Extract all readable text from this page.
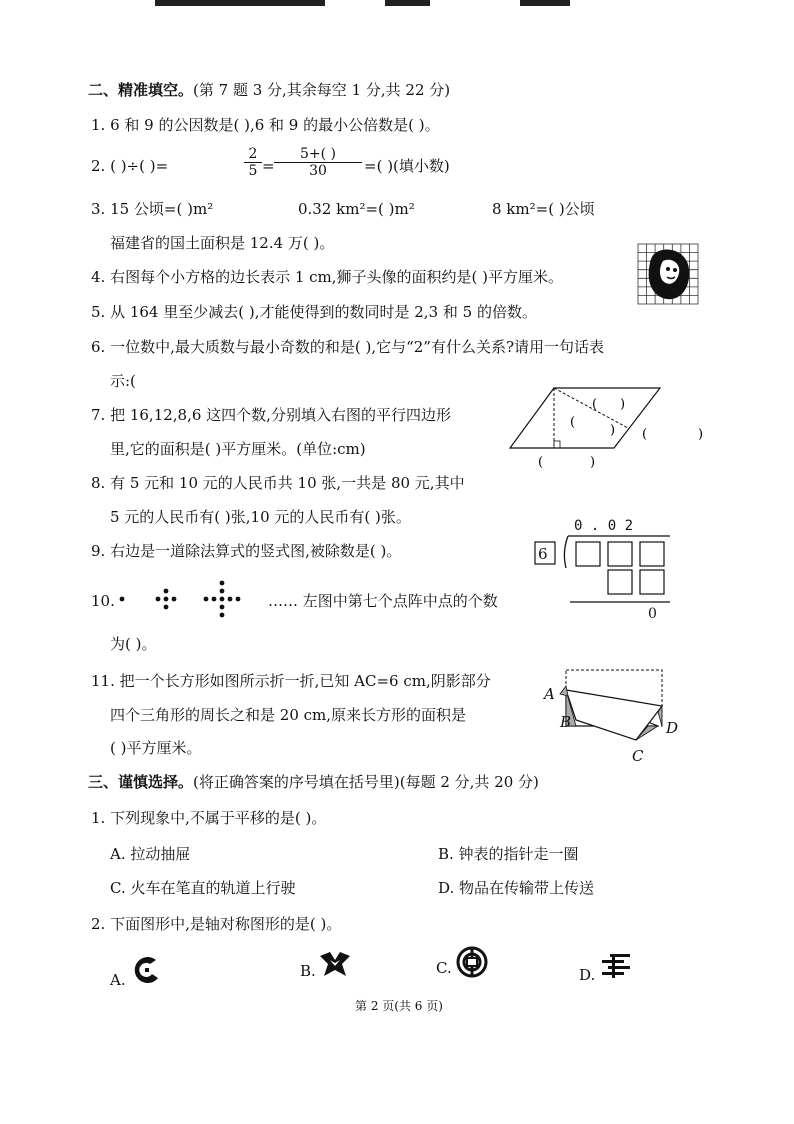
二、精准填空。(第 7 题 3 分,其余每空 1 分,共 22 分)
1. 6 和 9 的公因数是( ),6 和 9 的最小公倍数是( )。
2. ( )÷( )=	$\frac{2}{5} = \frac{5+( )}{30}$ =( )(填小数)
3. 15 公顷=( )m²	0.32 km²=( )m²	8 km²=( )公顷
福建省的国土面积是 12.4 万( )。
4. 右图每个小方格的边长表示 1 cm,狮子头像的面积约是( )平方厘米。
5. 从 164 里至少减去( ),才能使得到的数同时是 2,3 和 5 的倍数。
6. 一位数中,最大质数与最小奇数的和是( ),它与“2”有什么关系?请用一句话表
示:(
7. 把 16,12,8,6 这四个数,分别填入右图的平行四边形
里,它的面积是( )平方厘米。(单位:cm)
(
( )
) (	)
(	)
8. 有 5 元和 10 元的人民币共 10 张,一共是 80 元,其中
5 元的人民币有( )张,10 元的人民币有( )张。
9. 右边是一道除法算式的竖式图,被除数是( )。
0 . 0 2
6
0
10.	…… 左图中第七个点阵中点的个数
为( )。
11. 把一个长方形如图所示折一折,已知 AC=6 cm,阴影部分
四个三角形的周长之和是 20 cm,原来长方形的面积是
( )平方厘米。
A
B
C
D
三、谨慎选择。(将正确答案的序号填在括号里)(每题 2 分,共 20 分)
1. 下列现象中,不属于平移的是( )。
A. 拉动抽屉	B. 钟表的指针走一圈
C. 火车在笔直的轨道上行驶	D. 物品在传输带上传送
2. 下面图形中,是轴对称图形的是( )。
A.	B.	C.	D.
第 2 页(共 6 页)
